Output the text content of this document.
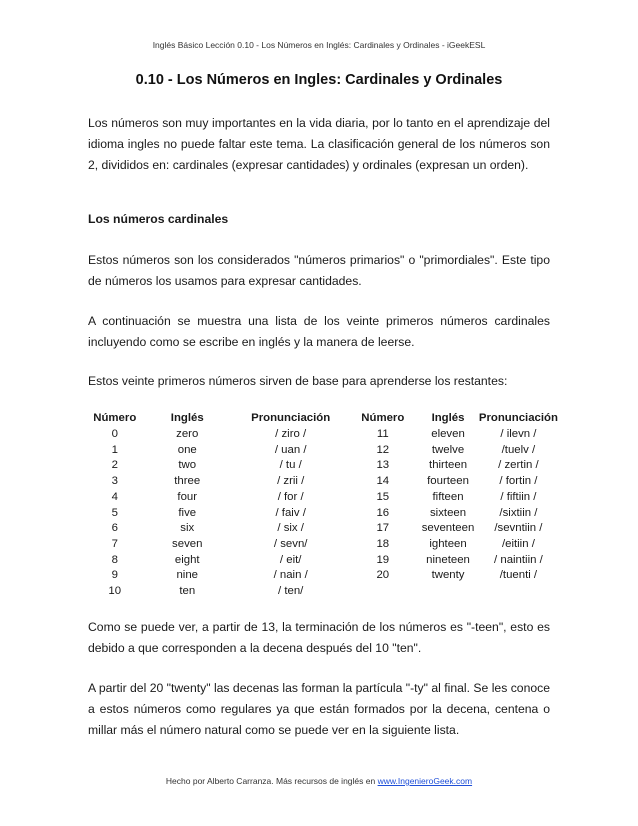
Inglés Básico Lección 0.10 - Los Números en Inglés: Cardinales y Ordinales - iGeekESL
0.10 - Los Números en Ingles: Cardinales y Ordinales

Los números son muy importantes en la vida diaria, por lo tanto en el aprendizaje del idioma ingles no puede faltar este tema. La clasificación general de los números son 2, divididos en: cardinales (expresar cantidades) y ordinales (expresan un orden).

Los números cardinales

Estos números son los considerados "números primarios" o "primordiales". Este tipo de números los usamos para expresar cantidades.

A continuación se muestra una lista de los veinte primeros números cardinales incluyendo como se escribe en inglés y la manera de leerse.

Estos veinte primeros números sirven de base para aprenderse los restantes:

Número	Inglés	Pronunciación	Número	Inglés	Pronunciación
0	zero	/ ziro /	11	eleven	/ ilevn /
1	one	/ uan /	12	twelve	/tuelv /
2	two	/ tu /	13	thirteen	/ zertin /
3	three	/ zrii /	14	fourteen	/ fortin /
4	four	/ for /	15	fifteen	/ fiftiin /
5	five	/ faiv /	16	sixteen	/sixtiin /
6	six	/ six /	17	seventeen	/sevntiin /
7	seven	/ sevn/	18	ighteen	/eitiin /
8	eight	/ eit/	19	nineteen	/ naintiin /
9	nine	/ nain /	20	twenty	/tuenti /
10	ten	/ ten/			

Como se puede ver, a partir de 13, la terminación de los números es "-teen", esto es debido a que corresponden a la decena después del 10 "ten".

A partir del 20 "twenty" las decenas las forman la partícula "-ty" al final. Se les conoce a estos números como regulares ya que están formados por la decena, centena o millar más el número natural como se puede ver en la siguiente lista.

Hecho por Alberto Carranza. Más recursos de inglés en www.IngenieroGeek.com
